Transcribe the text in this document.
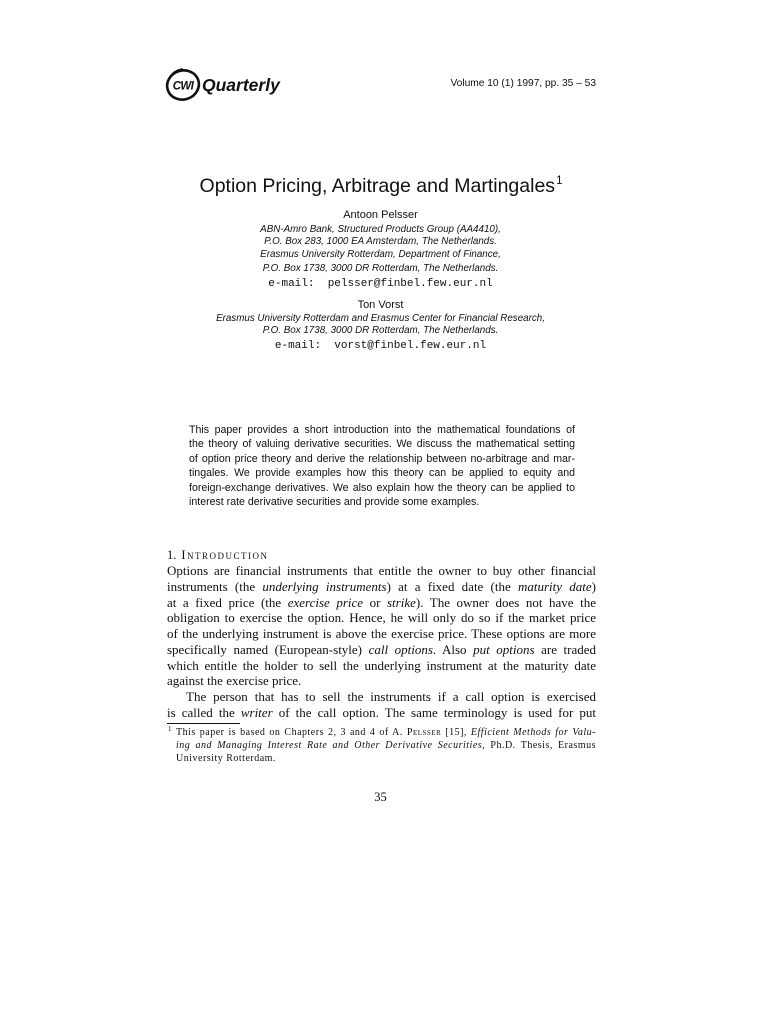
CWI Quarterly	Volume 10 (1) 1997, pp. 35 – 53
Option Pricing, Arbitrage and Martingales$^1$
Antoon Pelsser
ABN-Amro Bank, Structured Products Group (AA4410),
P.O. Box 283, 1000 EA Amsterdam, The Netherlands.
Erasmus University Rotterdam, Department of Finance,
P.O. Box 1738, 3000 DR Rotterdam, The Netherlands.
e-mail: pelsser@finbel.few.eur.nl
Ton Vorst
Erasmus University Rotterdam and Erasmus Center for Financial Research,
P.O. Box 1738, 3000 DR Rotterdam, The Netherlands.
e-mail: vorst@finbel.few.eur.nl
This paper provides a short introduction into the mathematical foundations of
the theory of valuing derivative securities. We discuss the mathematical setting
of option price theory and derive the relationship between no-arbitrage and mar-
tingales. We provide examples how this theory can be applied to equity and
foreign-exchange derivatives. We also explain how the theory can be applied to
interest rate derivative securities and provide some examples.
1. Introduction
Options are financial instruments that entitle the owner to buy other financial
instruments (the underlying instruments) at a fixed date (the maturity date)
at a fixed price (the exercise price or strike). The owner does not have the
obligation to exercise the option. Hence, he will only do so if the market price
of the underlying instrument is above the exercise price. These options are more
specifically named (European-style) call options. Also put options are traded
which entitle the holder to sell the underlying instrument at the maturity date
against the exercise price.
The person that has to sell the instruments if a call option is exercised
is called the writer of the call option. The same terminology is used for put
1 This paper is based on Chapters 2, 3 and 4 of A. Pelsser [15], Efficient Methods for Valu-
ing and Managing Interest Rate and Other Derivative Securities, Ph.D. Thesis, Erasmus
University Rotterdam.
35
